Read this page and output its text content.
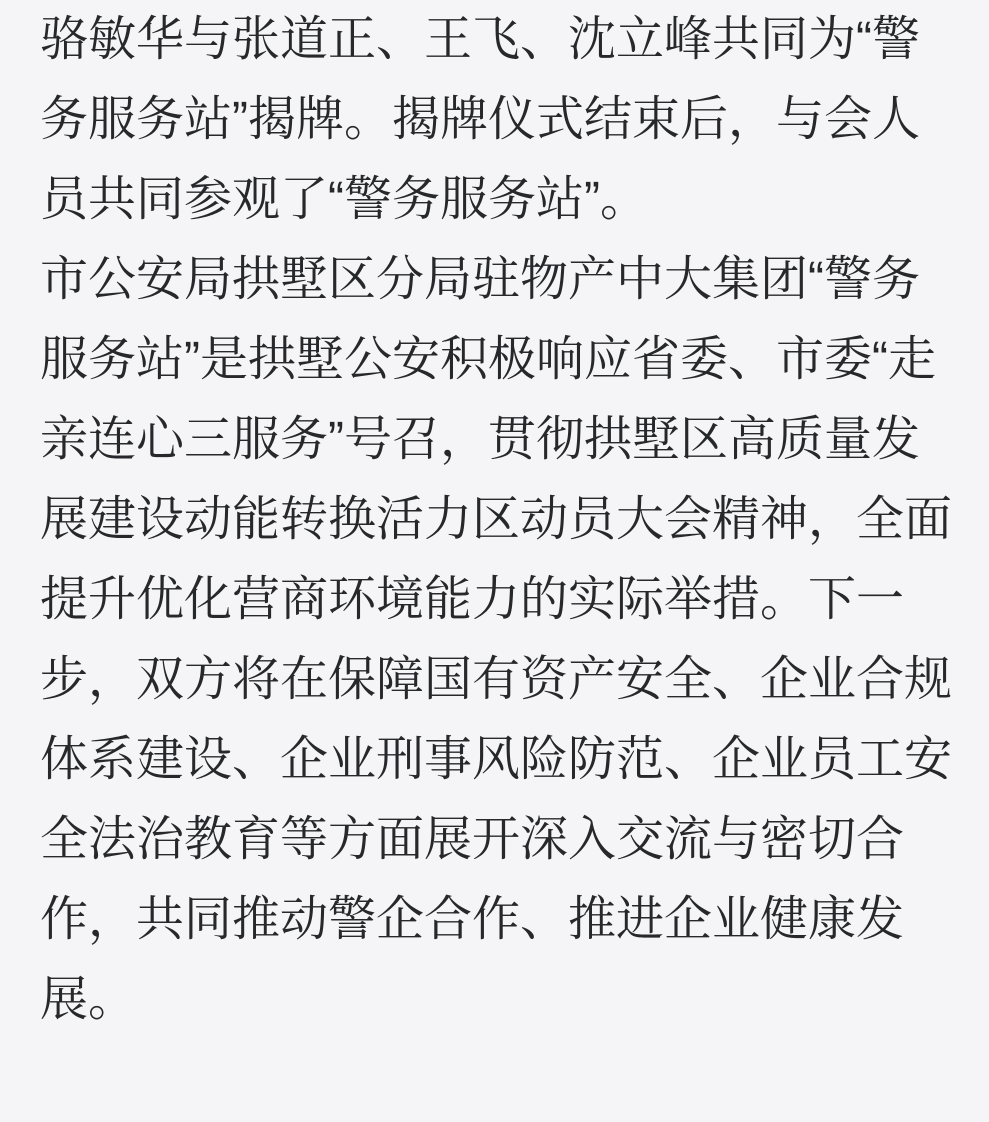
骆敏华与张道正、王飞、沈立峰共同为“警

务服务站”揭牌。揭牌仪式结束后，与会人

员共同参观了“警务服务站”。

市公安局拱墅区分局驻物产中大集团“警务

服务站”是拱墅公安积极响应省委、市委“走

亲连心三服务”号召，贯彻拱墅区高质量发

展建设动能转换活力区动员大会精神，全面

提升优化营商环境能力的实际举措。下一

步，双方将在保障国有资产安全、企业合规

体系建设、企业刑事风险防范、企业员工安

全法治教育等方面展开深入交流与密切合

作，共同推动警企合作、推进企业健康发

展。
